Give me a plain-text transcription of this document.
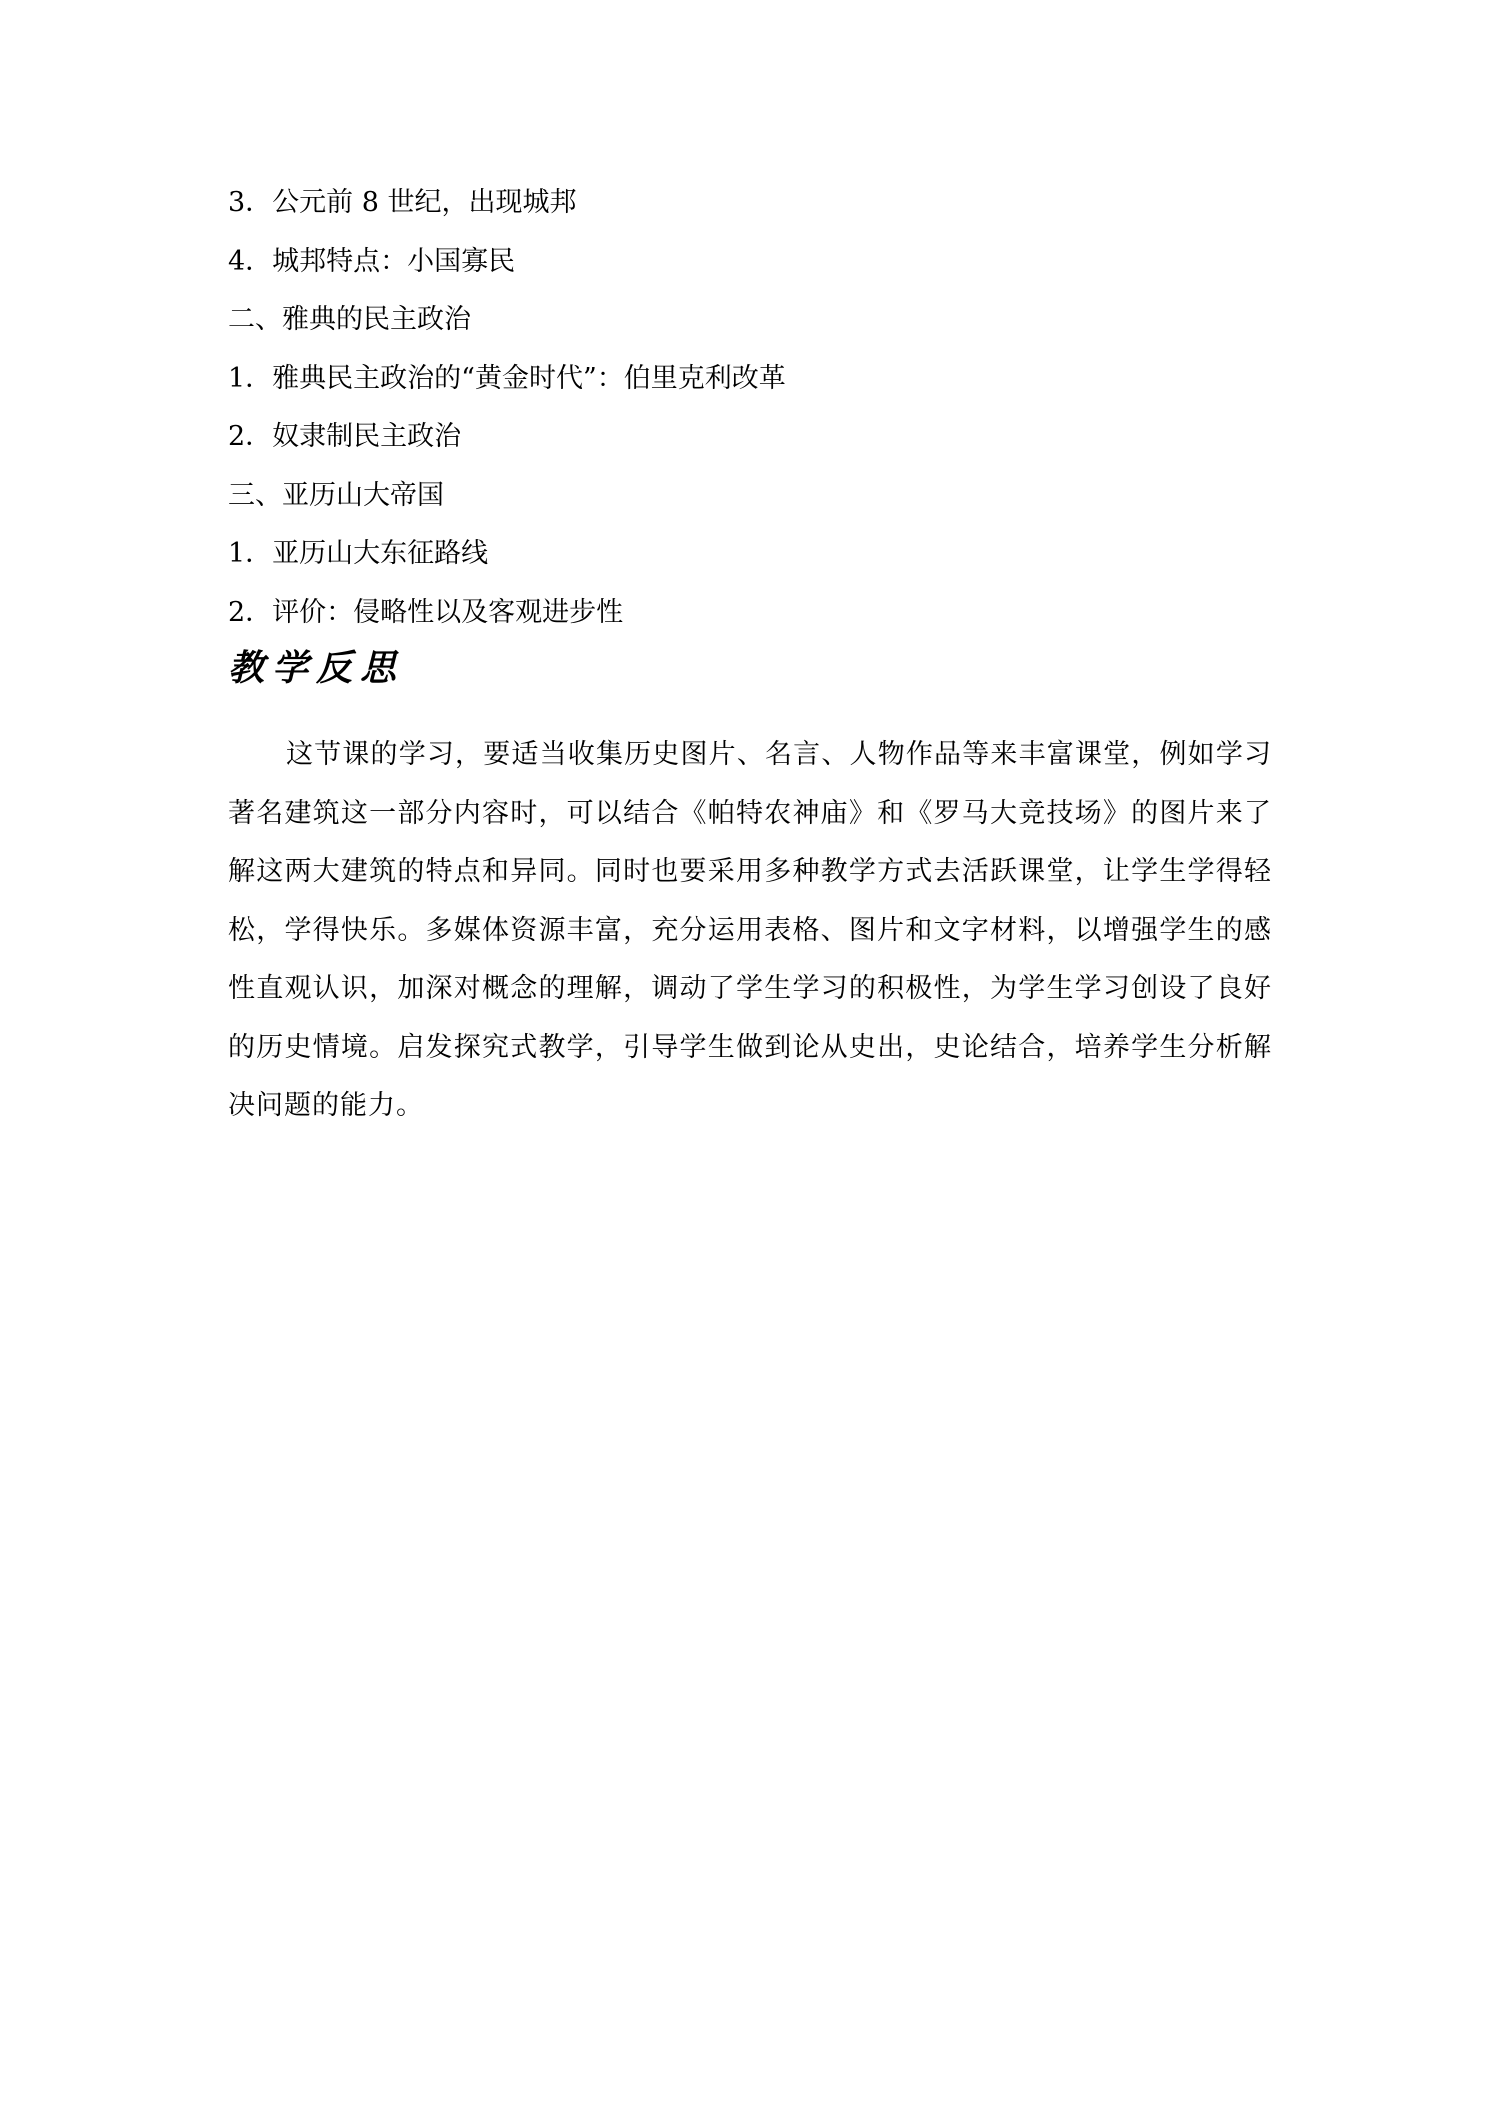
3．公元前 8 世纪，出现城邦
4．城邦特点：小国寡民
二、雅典的民主政治
1．雅典民主政治的“黄金时代”：伯里克利改革
2．奴隶制民主政治
三、亚历山大帝国
1．亚历山大东征路线
2．评价：侵略性以及客观进步性
教学反思

这节课的学习，要适当收集历史图片、名言、人物作品等来丰富课堂，例如学习著名建筑这一部分内容时，可以结合《帕特农神庙》和《罗马大竞技场》的图片来了解这两大建筑的特点和异同。同时也要采用多种教学方式去活跃课堂，让学生学得轻松，学得快乐。多媒体资源丰富，充分运用表格、图片和文字材料，以增强学生的感性直观认识，加深对概念的理解，调动了学生学习的积极性，为学生学习创设了良好的历史情境。启发探究式教学，引导学生做到论从史出，史论结合，培养学生分析解决问题的能力。
